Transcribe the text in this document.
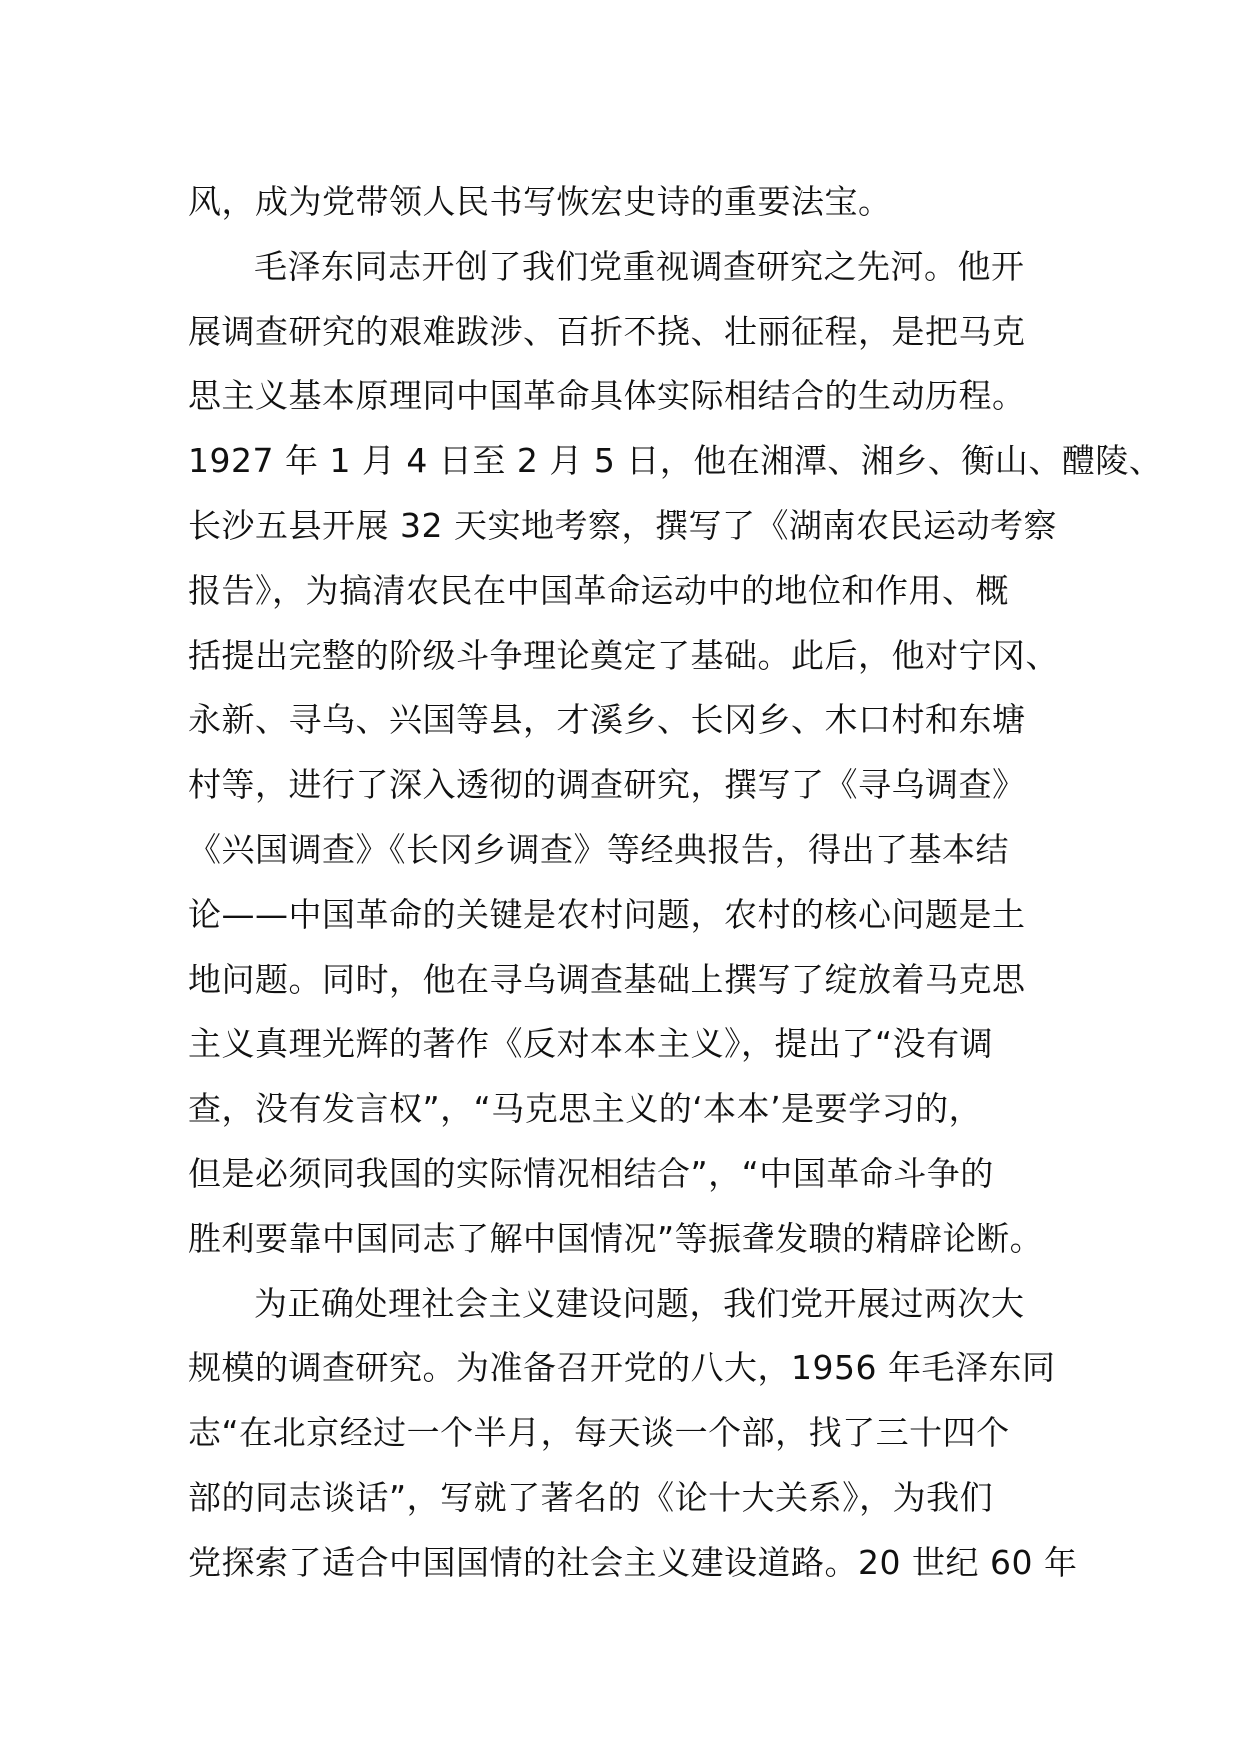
风，成为党带领人民书写恢宏史诗的重要法宝。
毛泽东同志开创了我们党重视调查研究之先河。他开
展调查研究的艰难跋涉、百折不挠、壮丽征程，是把马克
思主义基本原理同中国革命具体实际相结合的生动历程。
1927 年 1 月 4 日至 2 月 5 日，他在湘潭、湘乡、衡山、醴陵、
长沙五县开展 32 天实地考察，撰写了《湖南农民运动考察
报告》，为搞清农民在中国革命运动中的地位和作用、概
括提出完整的阶级斗争理论奠定了基础。此后，他对宁冈、
永新、寻乌、兴国等县，才溪乡、长冈乡、木口村和东塘
村等，进行了深入透彻的调查研究，撰写了《寻乌调查》
《兴国调查》《长冈乡调查》等经典报告，得出了基本结
论——中国革命的关键是农村问题，农村的核心问题是土
地问题。同时，他在寻乌调查基础上撰写了绽放着马克思
主义真理光辉的著作《反对本本主义》，提出了“没有调
查，没有发言权”，“马克思主义的‘本本’是要学习的，
但是必须同我国的实际情况相结合”，“中国革命斗争的
胜利要靠中国同志了解中国情况”等振聋发聩的精辟论断。
为正确处理社会主义建设问题，我们党开展过两次大
规模的调查研究。为准备召开党的八大，1956 年毛泽东同
志“在北京经过一个半月，每天谈一个部，找了三十四个
部的同志谈话”，写就了著名的《论十大关系》，为我们
党探索了适合中国国情的社会主义建设道路。20 世纪 60 年
